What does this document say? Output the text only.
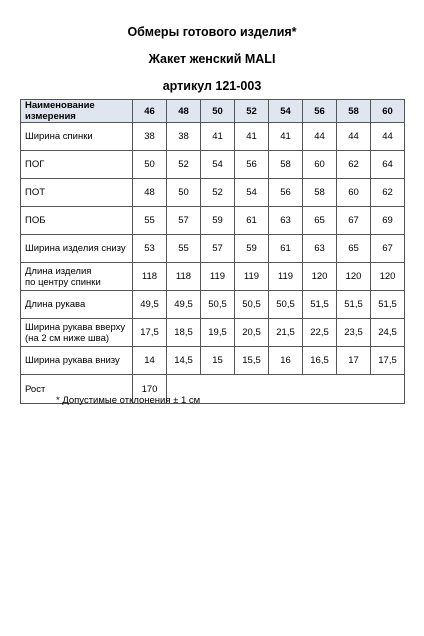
Обмеры готового изделия*
Жакет женский MALI
артикул 121-003
Наименование измерения	46	48	50	52	54	56	58	60
Ширина спинки	38	38	41	41	41	44	44	44
ПОГ	50	52	54	56	58	60	62	64
ПОТ	48	50	52	54	56	58	60	62
ПОБ	55	57	59	61	63	65	67	69
Ширина изделия снизу	53	55	57	59	61	63	65	67
Длина изделия
по центру спинки	118	118	119	119	119	120	120	120
Длина рукава	49,5	49,5	50,5	50,5	50,5	51,5	51,5	51,5
Ширина рукава вверху
(на 2 см ниже шва)	17,5	18,5	19,5	20,5	21,5	22,5	23,5	24,5
Ширина рукава внизу	14	14,5	15	15,5	16	16,5	17	17,5
Рост	170							
* Допустимые отклонения ± 1 см
